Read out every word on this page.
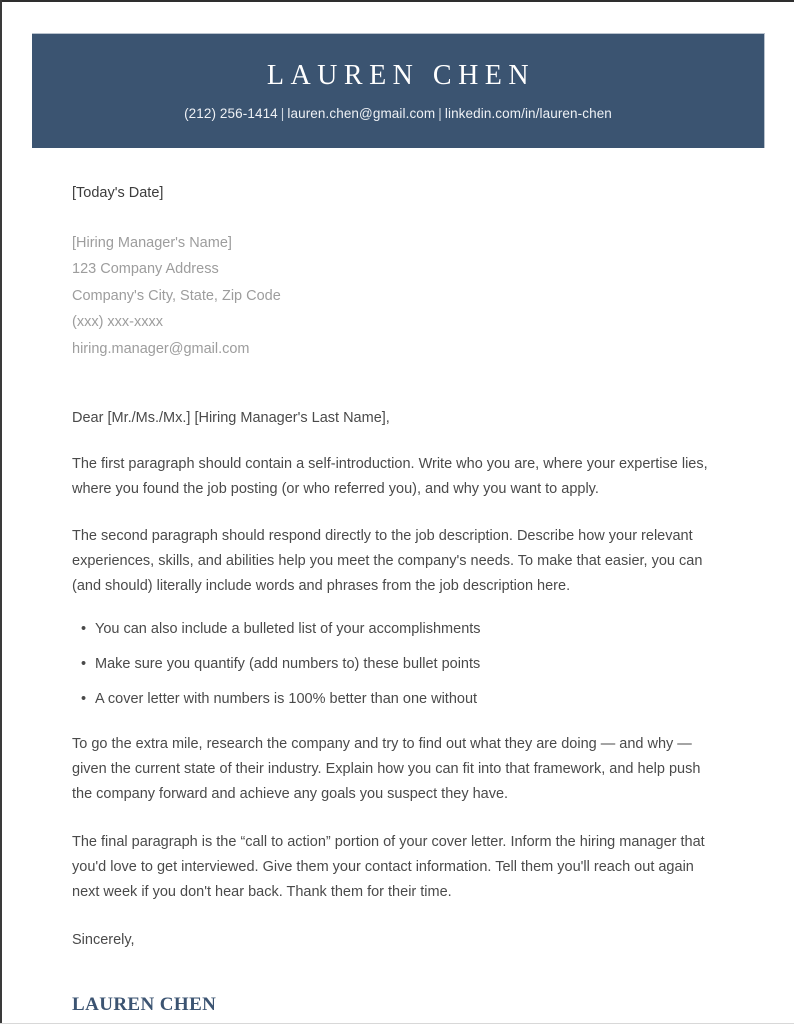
LAUREN CHEN
(212) 256-1414 | lauren.chen@gmail.com | linkedin.com/in/lauren-chen

[Today's Date]

[Hiring Manager's Name]
123 Company Address
Company's City, State, Zip Code
(xxx) xxx-xxxx
hiring.manager@gmail.com

Dear [Mr./Ms./Mx.] [Hiring Manager's Last Name],

The first paragraph should contain a self-introduction. Write who you are, where your expertise lies, where you found the job posting (or who referred you), and why you want to apply.

The second paragraph should respond directly to the job description. Describe how your relevant experiences, skills, and abilities help you meet the company's needs. To make that easier, you can (and should) literally include words and phrases from the job description here.

• You can also include a bulleted list of your accomplishments
• Make sure you quantify (add numbers to) these bullet points
• A cover letter with numbers is 100% better than one without

To go the extra mile, research the company and try to find out what they are doing — and why — given the current state of their industry. Explain how you can fit into that framework, and help push the company forward and achieve any goals you suspect they have.

The final paragraph is the “call to action” portion of your cover letter. Inform the hiring manager that you'd love to get interviewed. Give them your contact information. Tell them you'll reach out again next week if you don't hear back. Thank them for their time.

Sincerely,

LAUREN CHEN
